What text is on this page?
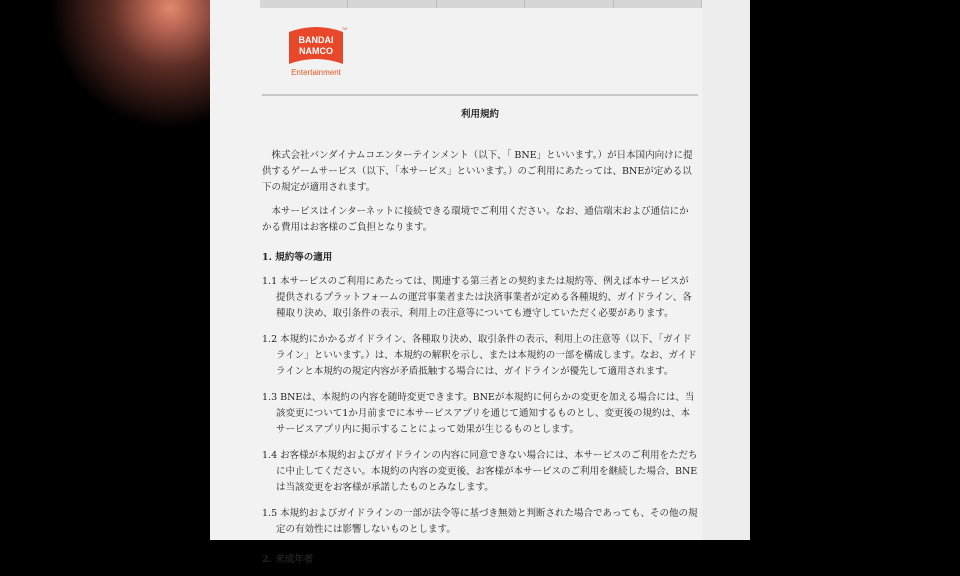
BANDAI
NAMCO
TM
Entertainment
利用規約

株式会社バンダイナムコエンターテインメント（以下、「 BNE」といいます。）が日本国内向けに提供するゲームサービス（以下、「本サービス」といいます。）のご利用にあたっては、BNEが定める以下の規定が適用されます。

本サービスはインターネットに接続できる環境でご利用ください。なお、通信端末および通信にかかる費用はお客様のご負担となります。

1. 規約等の適用

1.1 本サービスのご利用にあたっては、関連する第三者との契約または規約等、例えば本サービスが提供されるプラットフォームの運営事業者または決済事業者が定める各種規約、ガイドライン、各種取り決め、取引条件の表示、利用上の注意等についても遵守していただく必要があります。

1.2 本規約にかかるガイドライン、各種取り決め、取引条件の表示、利用上の注意等（以下、「ガイドライン」といいます。）は、本規約の解釈を示し、または本規約の一部を構成します。なお、ガイドラインと本規約の規定内容が矛盾抵触する場合には、ガイドラインが優先して適用されます。

1.3 BNEは、本規約の内容を随時変更できます。BNEが本規約に何らかの変更を加える場合には、当該変更について1か月前までに本サービスアプリを通じて通知するものとし、変更後の規約は、本サービスアプリ内に掲示することによって効果が生じるものとします。

1.4 お客様が本規約およびガイドラインの内容に同意できない場合には、本サービスのご利用をただちに中止してください。本規約の内容の変更後、お客様が本サービスのご利用を継続した場合、BNEは当該変更をお客様が承諾したものとみなします。

1.5 本規約およびガイドラインの一部が法令等に基づき無効と判断された場合であっても、その他の規定の有効性には影響しないものとします。

2. 未成年者
